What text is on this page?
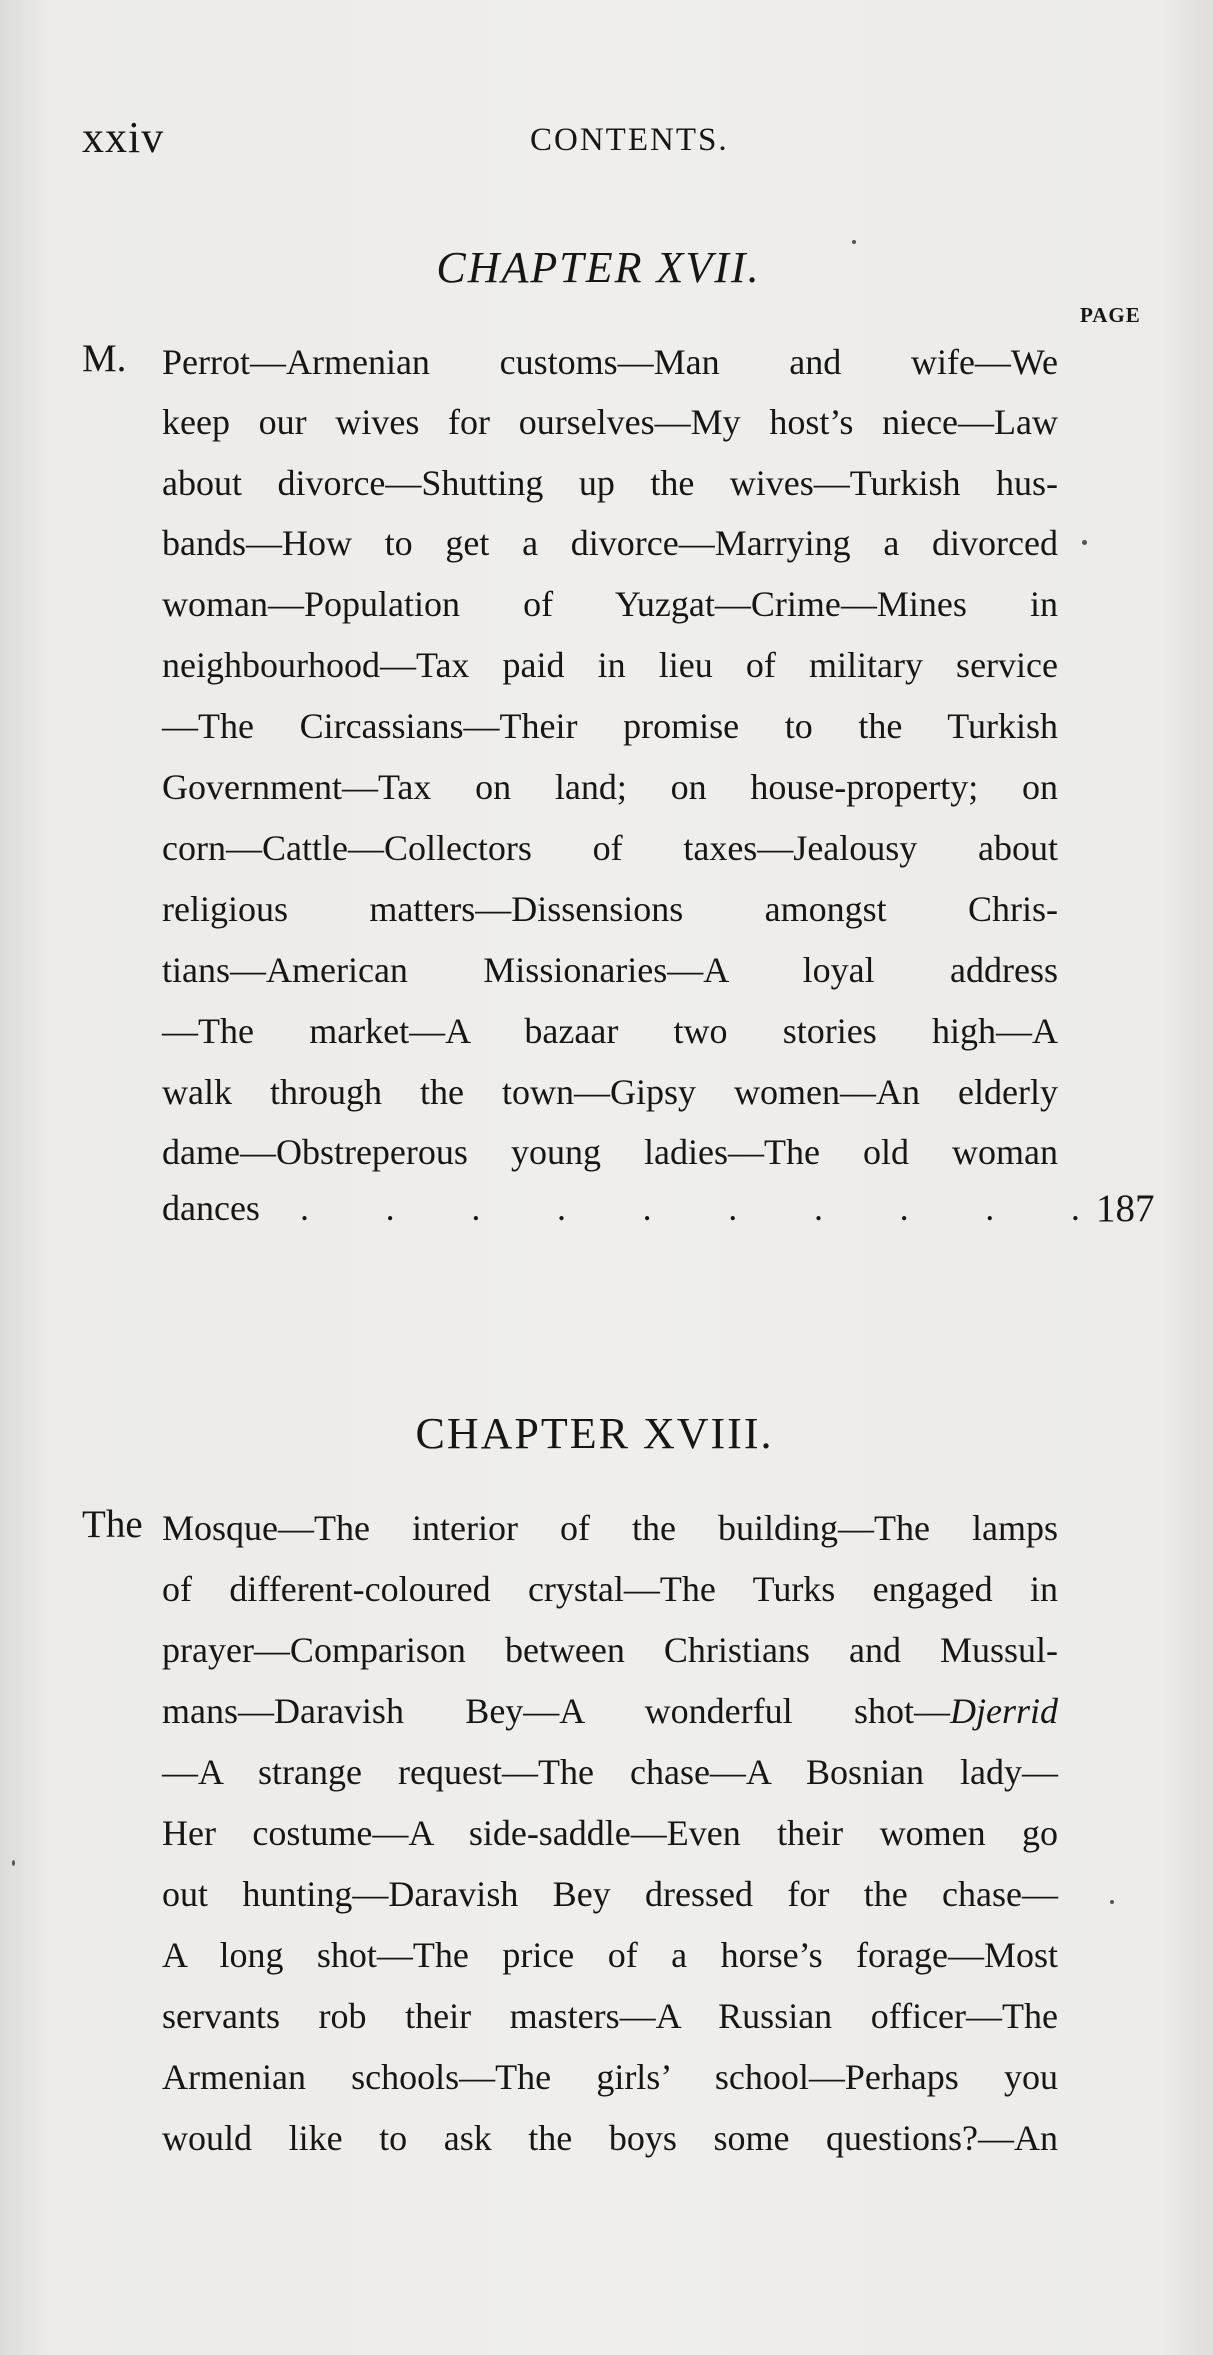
xxiv	CONTENTS.
CHAPTER XVII.
PAGE
M. Perrot—Armenian customs—Man and wife—We
keep our wives for ourselves—My host’s niece—Law
about divorce—Shutting up the wives—Turkish hus-
bands—How to get a divorce—Marrying a divorced
woman—Population of Yuzgat—Crime—Mines in
neighbourhood—Tax paid in lieu of military service
—The Circassians—Their promise to the Turkish
Government—Tax on land; on house-property; on
corn—Cattle—Collectors of taxes—Jealousy about
religious matters—Dissensions amongst Chris-
tians—American Missionaries—A loyal address
—The market—A bazaar two stories high—A
walk through the town—Gipsy women—An elderly
dame—Obstreperous young ladies—The old woman
dances	. . . . . . . . . . 187
CHAPTER XVIII.
The Mosque—The interior of the building—The lamps
of different-coloured crystal—The Turks engaged in
prayer—Comparison between Christians and Mussul-
mans—Daravish Bey—A wonderful shot—Djerrid
—A strange request—The chase—A Bosnian lady—
Her costume—A side-saddle—Even their women go
out hunting—Daravish Bey dressed for the chase—
A long shot—The price of a horse’s forage—Most
servants rob their masters—A Russian officer—The
Armenian schools—The girls’ school—Perhaps you
would like to ask the boys some questions?—An
